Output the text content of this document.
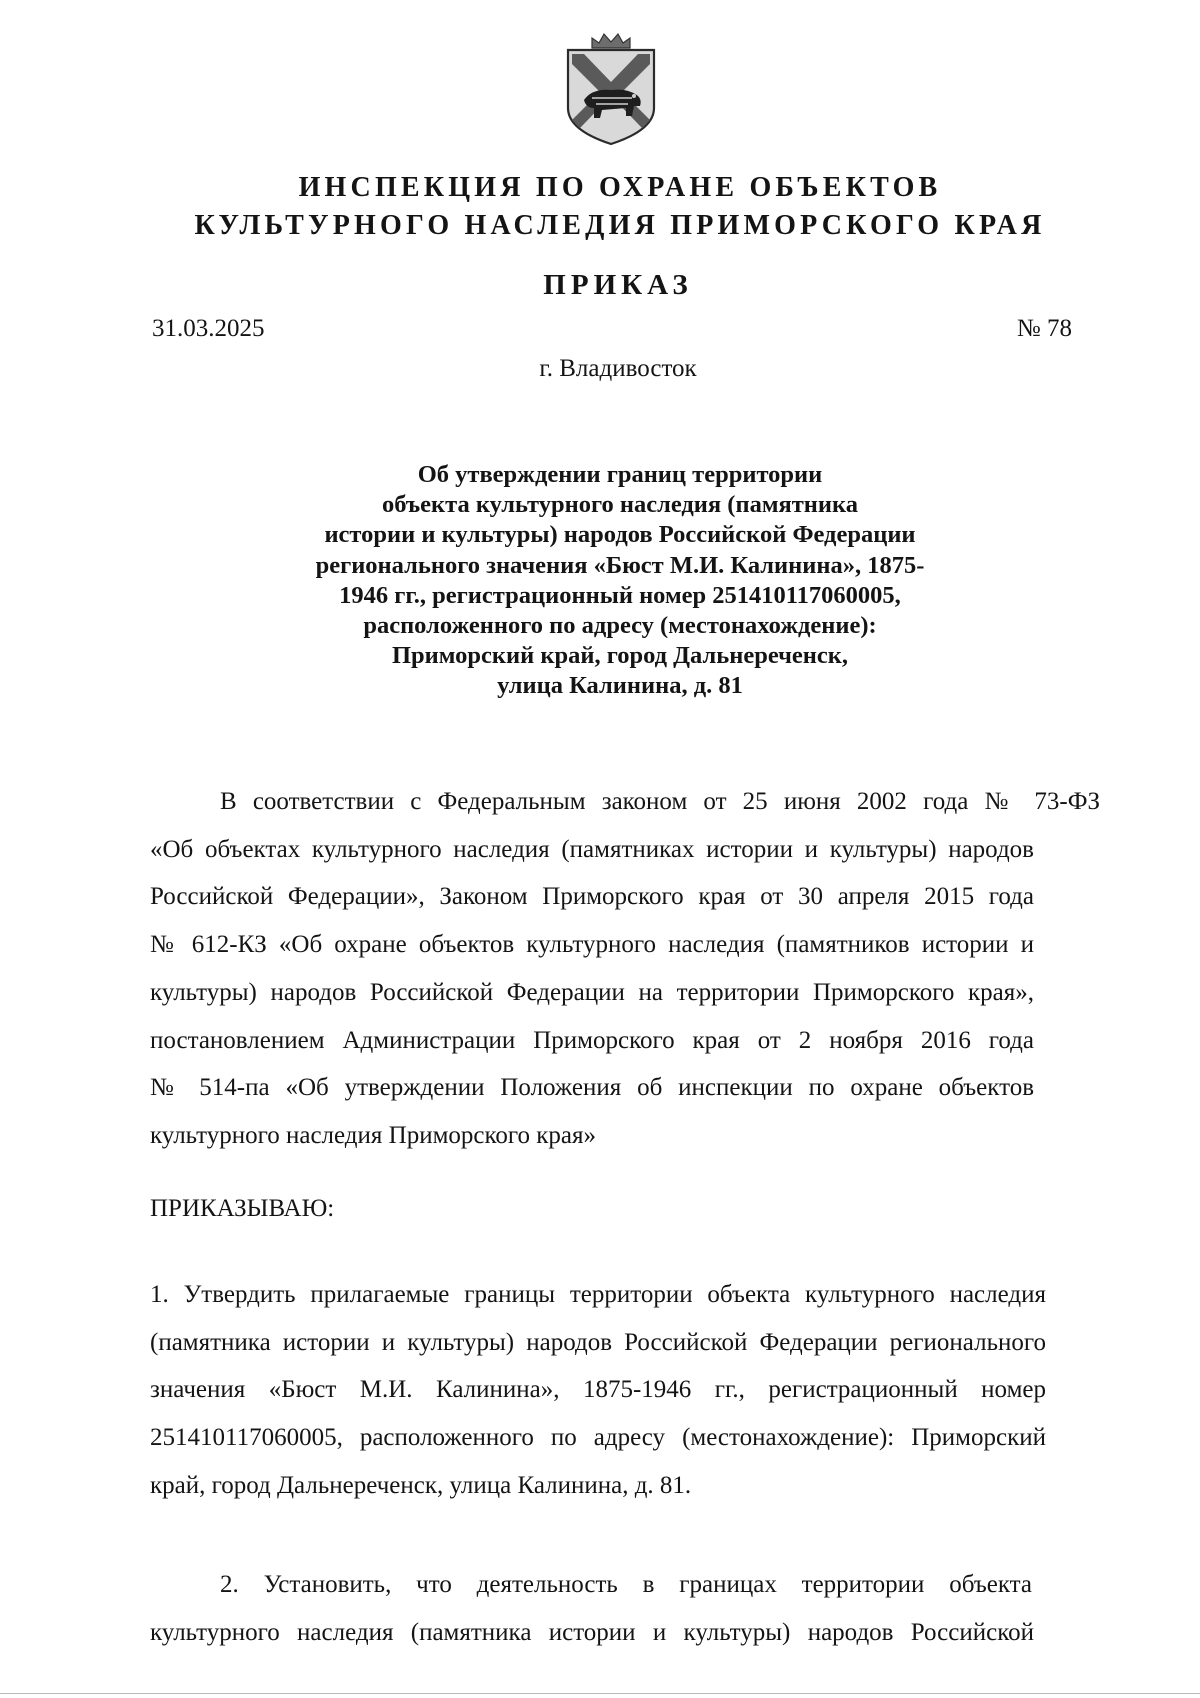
ИНСПЕКЦИЯ ПО ОХРАНЕ ОБЪЕКТОВ
КУЛЬТУРНОГО НАСЛЕДИЯ ПРИМОРСКОГО КРАЯ
ПРИКАЗ
31.03.2025	№ 78
г. Владивосток
Об утверждении границ территории
объекта культурного наследия (памятника
истории и культуры) народов Российской Федерации
регионального значения «Бюст М.И. Калинина», 1875-
1946 гг., регистрационный номер 251410117060005,
расположенного по адресу (местонахождение):
Приморский край, город Дальнереченск,
улица Калинина, д. 81
В соответствии с Федеральным законом от 25 июня 2002 года № 73-ФЗ
«Об объектах культурного наследия (памятниках истории и культуры) народов
Российской Федерации», Законом Приморского края от 30 апреля 2015 года
№ 612-КЗ «Об охране объектов культурного наследия (памятников истории и
культуры) народов Российской Федерации на территории Приморского края»,
постановлением Администрации Приморского края от 2 ноября 2016 года
№ 514-па «Об утверждении Положения об инспекции по охране объектов
культурного наследия Приморского края»
ПРИКАЗЫВАЮ:
1. Утвердить прилагаемые границы территории объекта культурного наследия
(памятника истории и культуры) народов Российской Федерации регионального
значения «Бюст М.И. Калинина», 1875-1946 гг., регистрационный номер
251410117060005, расположенного по адресу (местонахождение): Приморский
край, город Дальнереченск, улица Калинина, д. 81.
2. Установить, что деятельность в границах территории объекта
культурного наследия (памятника истории и культуры) народов Российской
